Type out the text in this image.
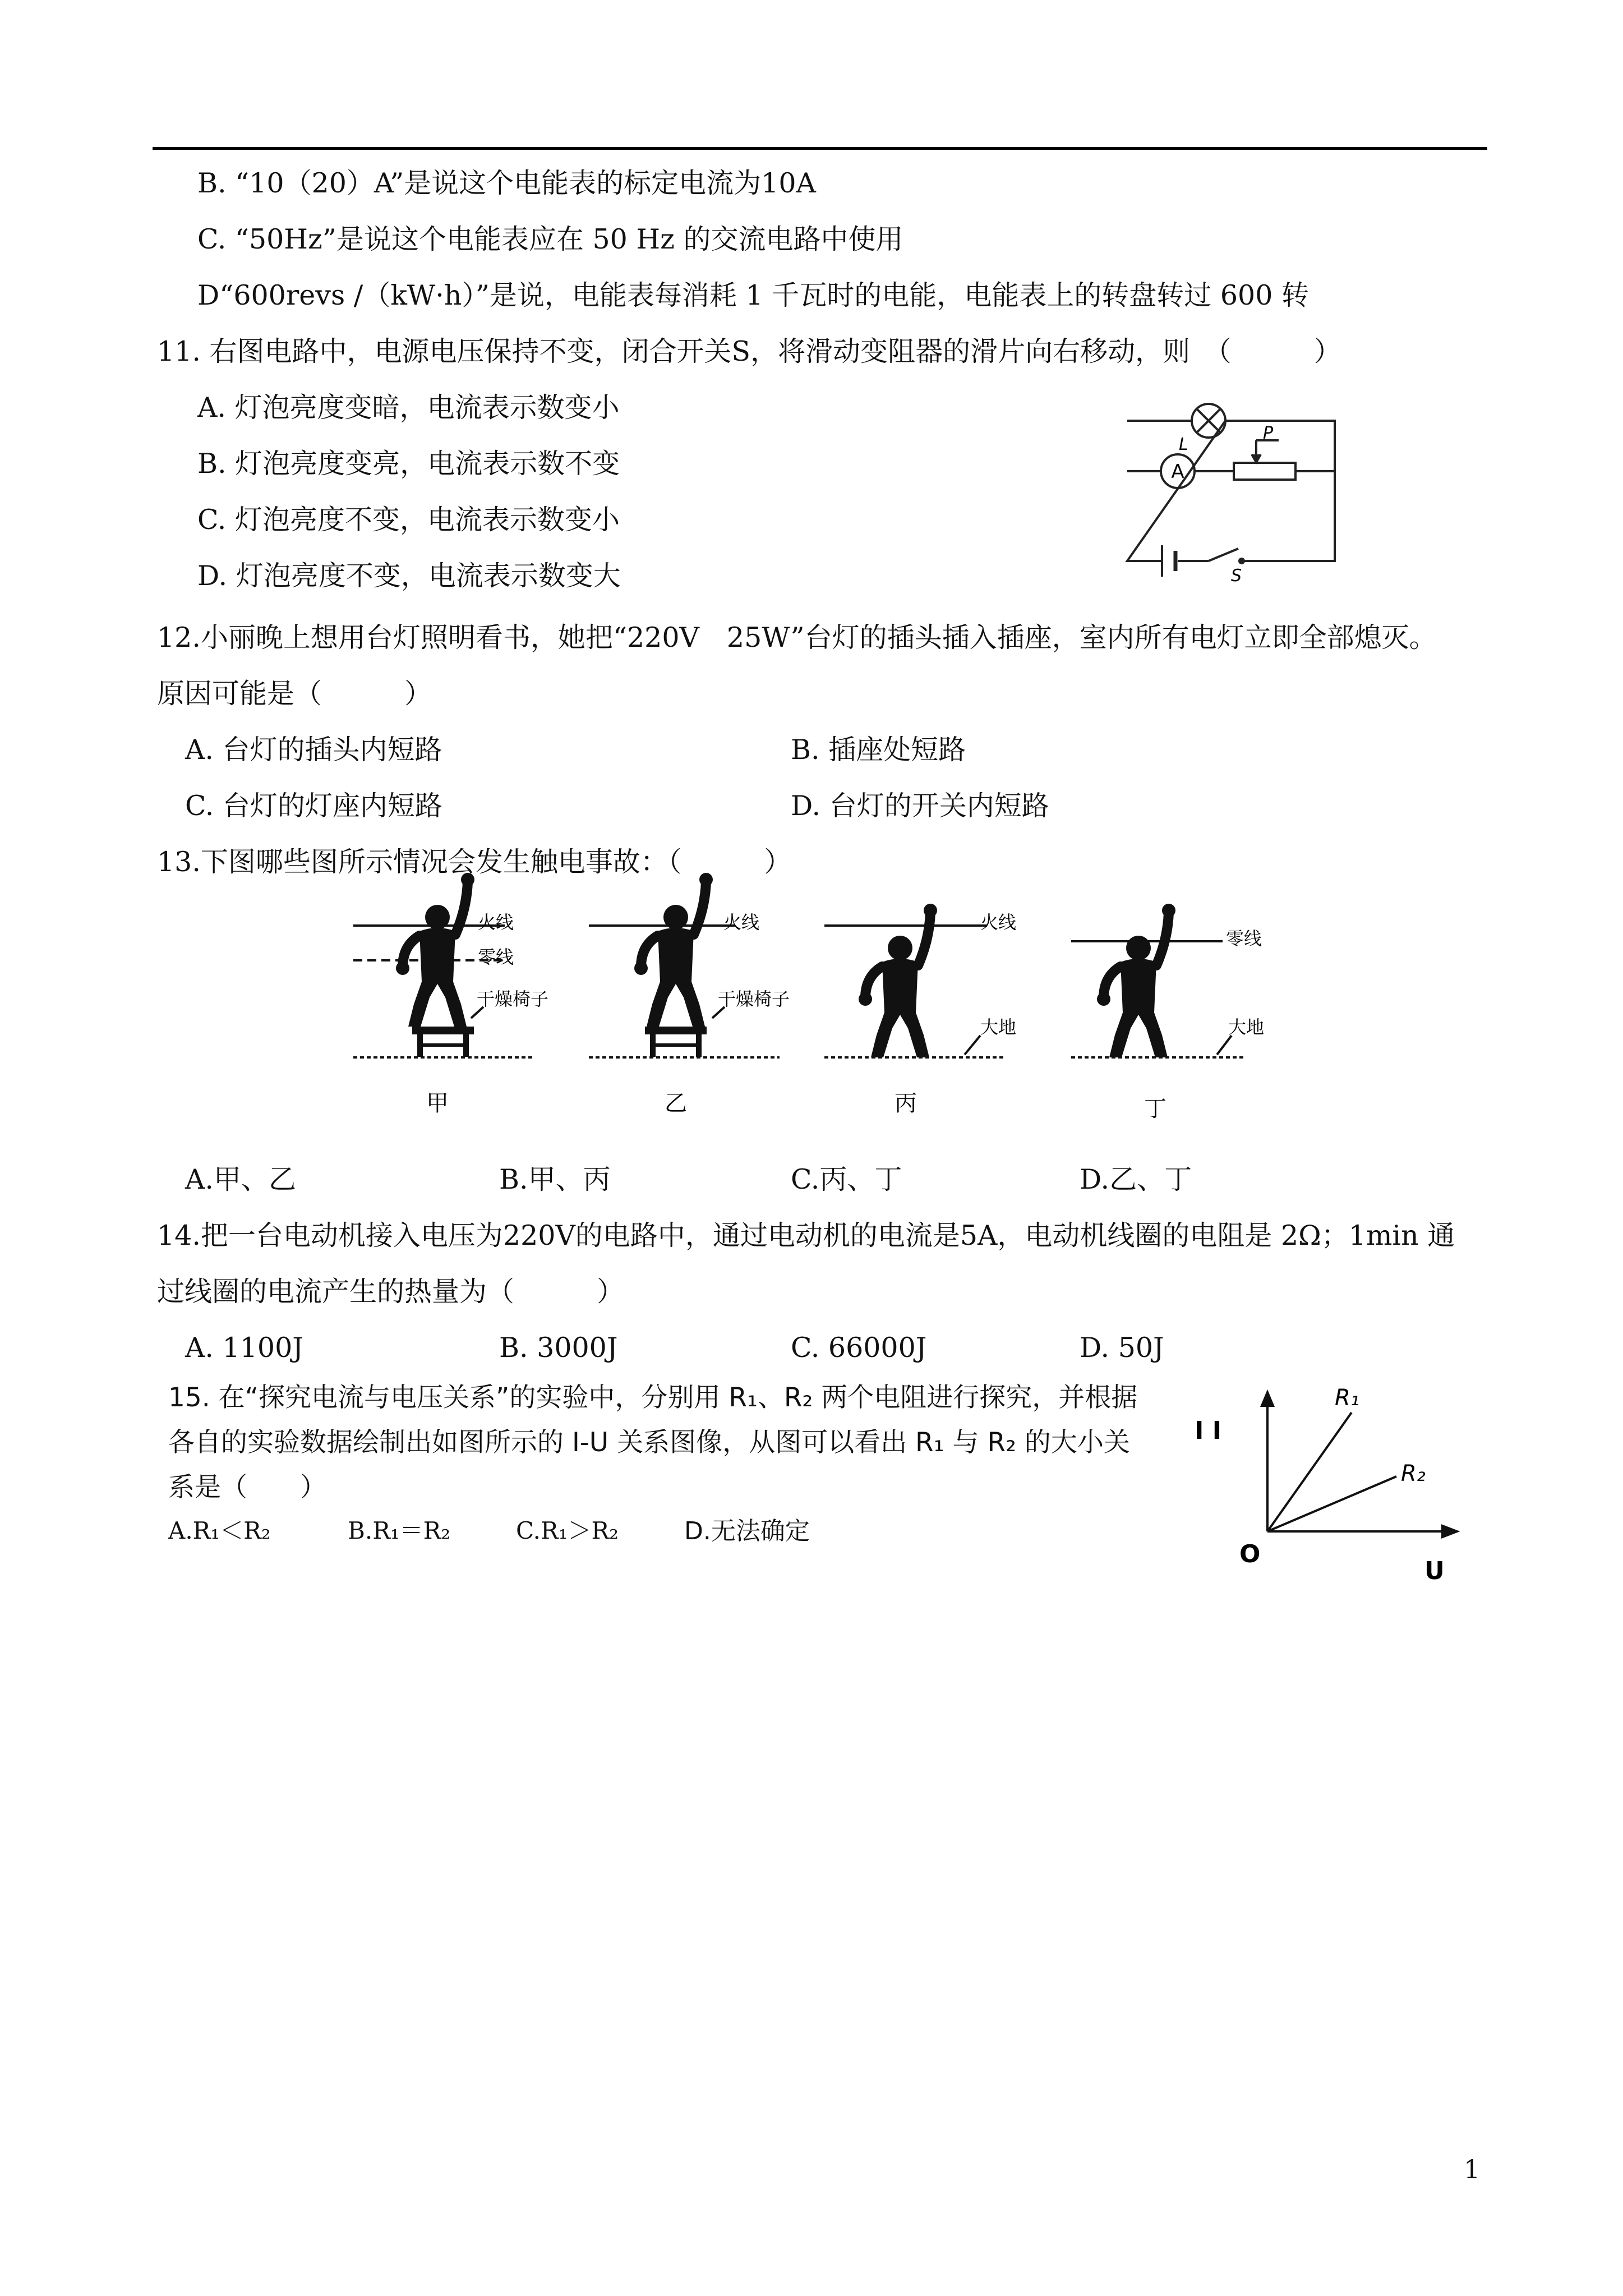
B. “10（20）A”是说这个电能表的标定电流为10A
C. “50Hz”是说这个电能表应在 50 Hz 的交流电路中使用
D“600revs /（kW·h）”是说，电能表每消耗 1 千瓦时的电能，电能表上的转盘转过 600 转
11. 右图电路中，电源电压保持不变，闭合开关S，将滑动变阻器的滑片向右移动，则　（　　　）
A. 灯泡亮度变暗，电流表示数变小
B. 灯泡亮度变亮，电流表示数不变
C. 灯泡亮度不变，电流表示数变小
D. 灯泡亮度不变，电流表示数变大
A
L
P
S
12.小丽晚上想用台灯照明看书，她把“220V　25W”台灯的插头插入插座，室内所有电灯立即全部熄灭。
原因可能是（　　　）
A. 台灯的插头内短路	B. 插座处短路
C. 台灯的灯座内短路	D. 台灯的开关内短路
13.下图哪些图所示情况会发生触电事故：（　　　）
火线
零线
干燥椅子
火线
干燥椅子
火线
大地
零线
大地
甲	乙	丙	丁
A.甲、乙	B.甲、丙	C.丙、丁	D.乙、丁
14.把一台电动机接入电压为220V的电路中，通过电动机的电流是5A，电动机线圈的电阻是 2Ω；1min 通
过线圈的电流产生的热量为（　　　）
A. 1100J	B. 3000J	C. 66000J	D. 50J
15. 在“探究电流与电压关系”的实验中，分别用 R₁、R₂ 两个电阻进行探究，并根据
各自的实验数据绘制出如图所示的 I-U 关系图像，从图可以看出 R₁ 与 R₂ 的大小关
系是（　　）
A.R₁＜R₂	B.R₁＝R₂	C.R₁＞R₂	D.无法确定
I I
O
U
R₁
R₂
1
